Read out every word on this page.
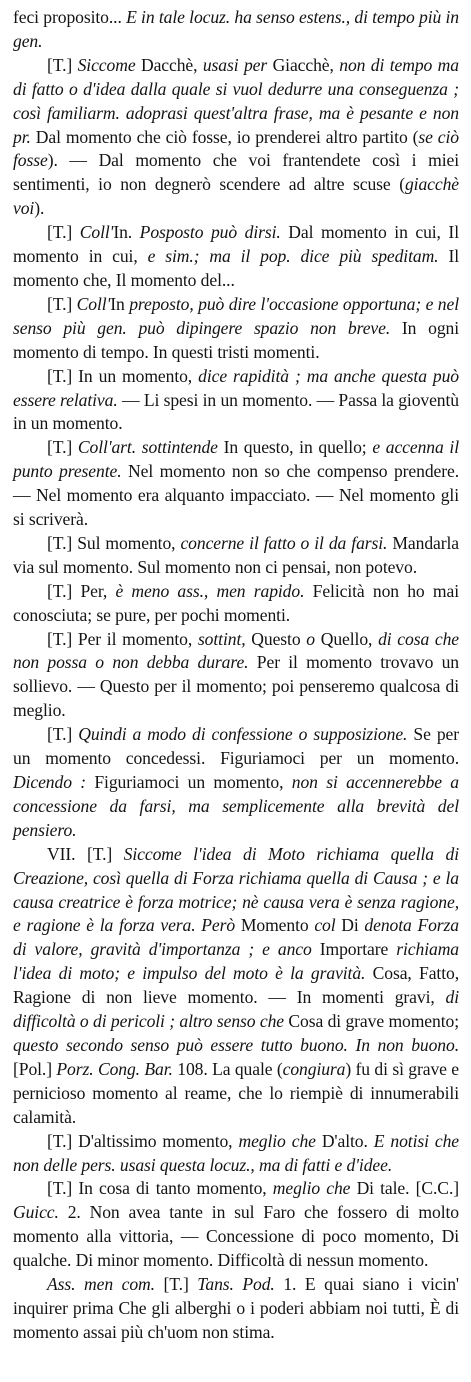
feci proposito... E in tale locuz. ha senso estens., di tempo più in gen.

[T.] Siccome Dacchè, usasi per Giacchè, non di tempo ma di fatto o d'idea dalla quale si vuol dedurre una conseguenza ; così familiarm. adoprasi quest'altra frase, ma è pesante e non pr. Dal momento che ciò fosse, io prenderei altro partito (se ciò fosse). — Dal momento che voi frantendete così i miei sentimenti, io non degnerò scendere ad altre scuse (giacchè voi).

[T.] Coll'In. Posposto può dirsi. Dal momento in cui, Il momento in cui, e sim.; ma il pop. dice più speditam. Il momento che, Il momento del...

[T.] Coll'In preposto, può dire l'occasione opportuna; e nel senso più gen. può dipingere spazio non breve. In ogni momento di tempo. In questi tristi momenti.

[T.] In un momento, dice rapidità ; ma anche questa può essere relativa. — Li spesi in un momento. — Passa la gioventù in un momento.

[T.] Coll'art. sottintende In questo, in quello; e accenna il punto presente. Nel momento non so che compenso prendere. — Nel momento era alquanto impacciato. — Nel momento gli si scriverà.

[T.] Sul momento, concerne il fatto o il da farsi. Mandarla via sul momento. Sul momento non ci pensai, non potevo.

[T.] Per, è meno ass., men rapido. Felicità non ho mai conosciuta; se pure, per pochi momenti.

[T.] Per il momento, sottint, Questo o Quello, di cosa che non possa o non debba durare. Per il momento trovavo un sollievo. — Questo per il momento; poi penseremo qualcosa di meglio.

[T.] Quindi a modo di confessione o supposizione. Se per un momento concedessi. Figuriamoci per un momento. Dicendo : Figuriamoci un momento, non si accennerebbe a concessione da farsi, ma semplicemente alla brevità del pensiero.

VII. [T.] Siccome l'idea di Moto richiama quella di Creazione, così quella di Forza richiama quella di Causa ; e la causa creatrice è forza motrice; nè causa vera è senza ragione, e ragione è la forza vera. Però Momento col Di denota Forza di valore, gravità d'importanza ; e anco Importare richiama l'idea di moto; e impulso del moto è la gravità. Cosa, Fatto, Ragione di non lieve momento. — In momenti gravi, di difficoltà o di pericoli ; altro senso che Cosa di grave momento; questo secondo senso può essere tutto buono. In non buono. [Pol.] Porz. Cong. Bar. 108. La quale (congiura) fu di sì grave e pernicioso momento al reame, che lo riempiè di innumerabili calamità.

[T.] D'altissimo momento, meglio che D'alto. E notisi che non delle pers. usasi questa locuz., ma di fatti e d'idee.

[T.] In cosa di tanto momento, meglio che Di tale. [C.C.] Guicc. 2. Non avea tante in sul Faro che fossero di molto momento alla vittoria, — Concessione di poco momento, Di qualche. Di minor momento. Difficoltà di nessun momento.

Ass. men com. [T.] Tans. Pod. 1. E quai siano i vicin' inquirer prima Che gli alberghi o i poderi abbiam noi tutti, È di momento assai più ch'uom non stima.
